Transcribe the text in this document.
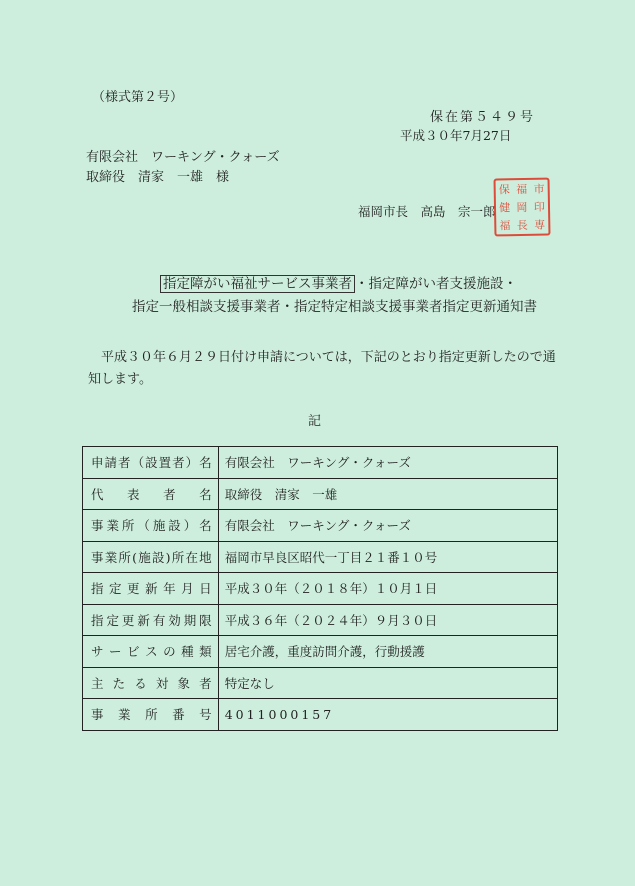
（様式第２号）
保在第５４９号
平成３０年7月27日
有限会社　ワーキング・クォーズ
取締役　清家　一雄　様
福岡市長　高島　宗一郎
保 福 市
健 岡 印
福 長 専
指定障がい福祉サービス事業者 ・指定障がい者支援施設・
指定一般相談支援事業者・指定特定相談支援事業者指定更新通知書
平成３０年６月２９日付け申請については，下記のとおり指定更新したので通知します。
記
申請者（設置者）名	有限会社　ワーキング・クォーズ
代表者名	取締役　清家　一雄
事業所（施設）名	有限会社　ワーキング・クォーズ
事業所(施設)所在地	福岡市早良区昭代一丁目２１番１０号
指定更新年月日	平成３０年（２０１８年）１０月１日
指定更新有効期限	平成３６年（２０２４年）９月３０日
サービスの種類	居宅介護，重度訪問介護，行動援護
主たる対象者	特定なし
事業所番号	4011000157
